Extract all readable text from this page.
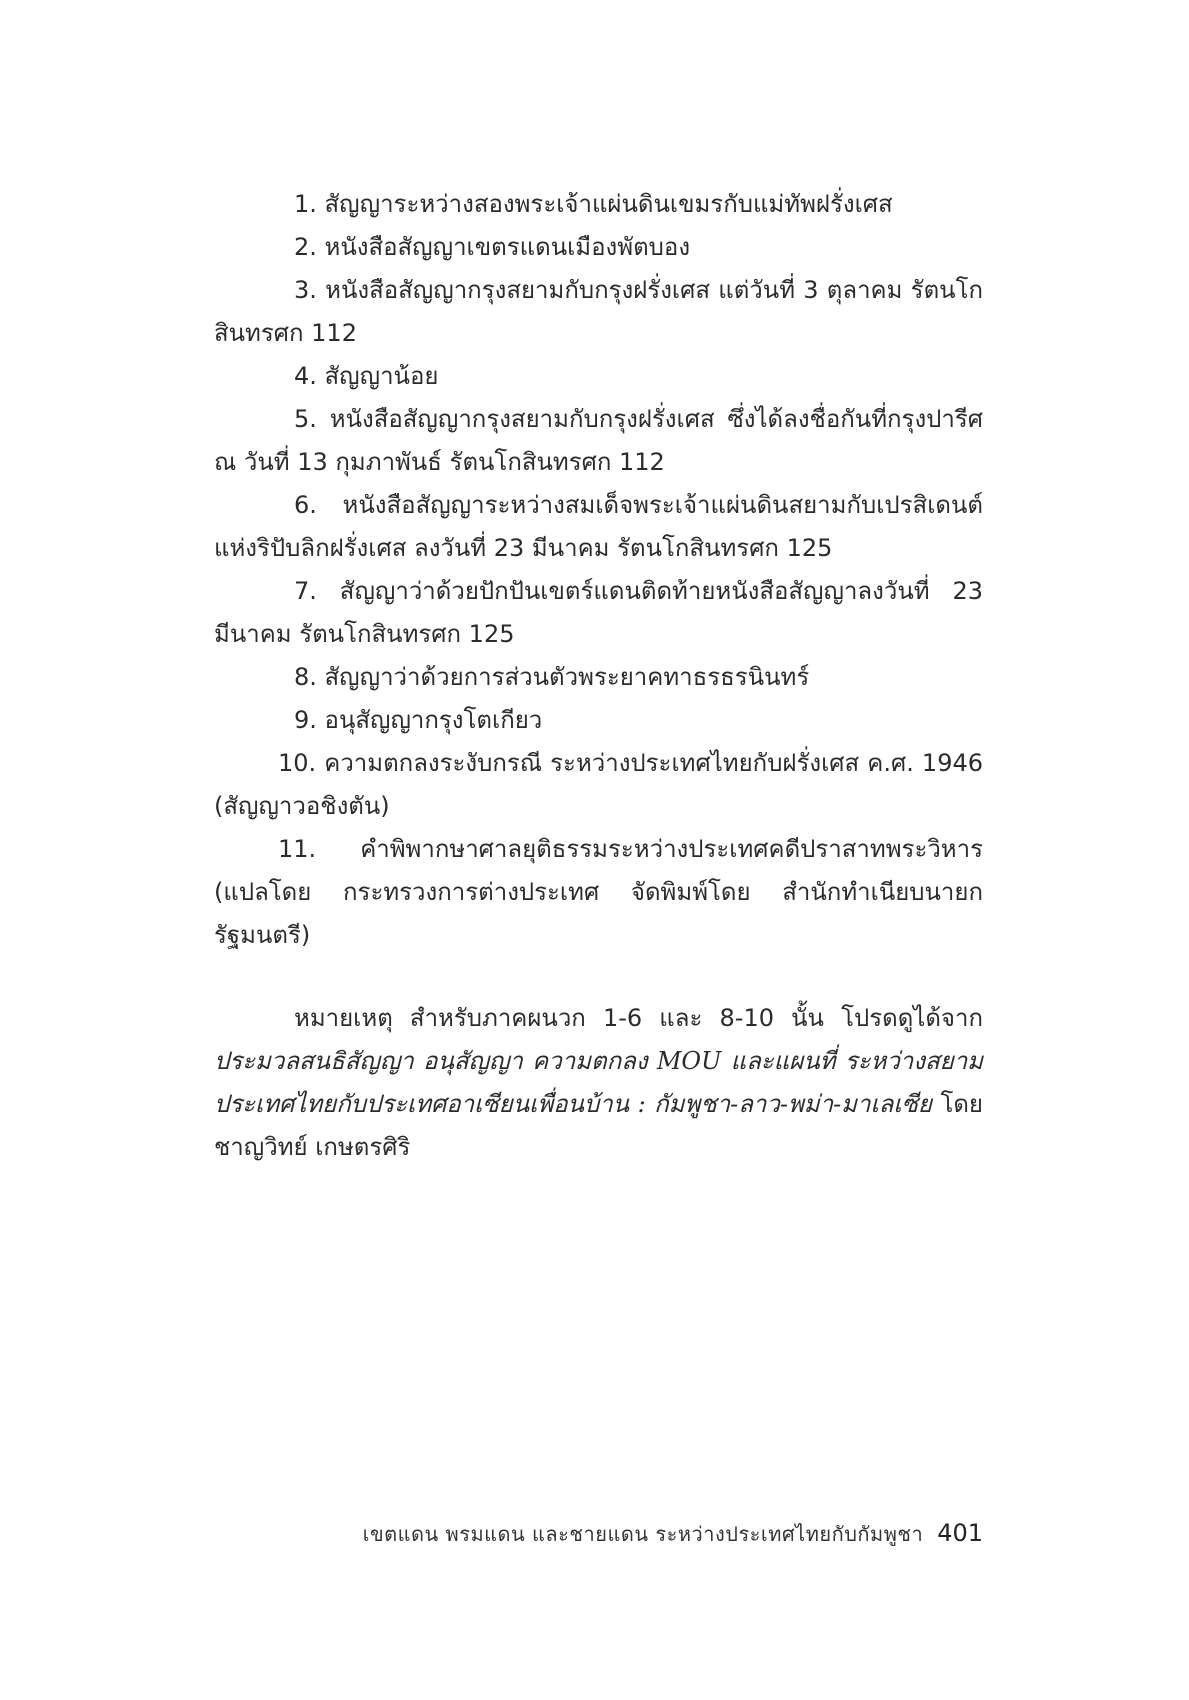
1. สัญญาระหว่างสองพระเจ้าแผ่นดินเขมรกับแม่ทัพฝรั่งเศส

2. หนังสือสัญญาเขตรแดนเมืองพัตบอง

3. หนังสือสัญญากรุงสยามกับกรุงฝรั่งเศส แต่วันที่ 3 ตุลาคม รัตนโกสินทรศก 112

4. สัญญาน้อย

5. หนังสือสัญญากรุงสยามกับกรุงฝรั่งเศส ซึ่งได้ลงชื่อกันที่กรุงปารีศ ณ วันที่ 13 กุมภาพันธ์ รัตนโกสินทรศก 112

6. หนังสือสัญญาระหว่างสมเด็จพระเจ้าแผ่นดินสยามกับเปรสิเดนต์แห่งริปับลิกฝรั่งเศส ลงวันที่ 23 มีนาคม รัตนโกสินทรศก 125

7. สัญญาว่าด้วยปักปันเขตร์แดนติดท้ายหนังสือสัญญาลงวันที่ 23 มีนาคม รัตนโกสินทรศก 125

8. สัญญาว่าด้วยการส่วนตัวพระยาคทาธรธรนินทร์

9. อนุสัญญากรุงโตเกียว

10. ความตกลงระงับกรณี ระหว่างประเทศไทยกับฝรั่งเศส ค.ศ. 1946 (สัญญาวอชิงตัน)

11. คำพิพากษาศาลยุติธรรมระหว่างประเทศคดีปราสาทพระวิหาร (แปลโดย กระทรวงการต่างประเทศ จัดพิมพ์โดย สำนักทำเนียบนายกรัฐมนตรี)

หมายเหตุ สำหรับภาคผนวก 1-6 และ 8-10 นั้น โปรดดูได้จาก ประมวลสนธิสัญญา อนุสัญญา ความตกลง MOU และแผนที่ ระหว่างสยามประเทศไทยกับประเทศอาเซียนเพื่อนบ้าน : กัมพูชา-ลาว-พม่า-มาเลเซีย โดย ชาญวิทย์ เกษตรศิริ

เขตแดน พรมแดน และชายแดน ระหว่างประเทศไทยกับกัมพูชา 401
